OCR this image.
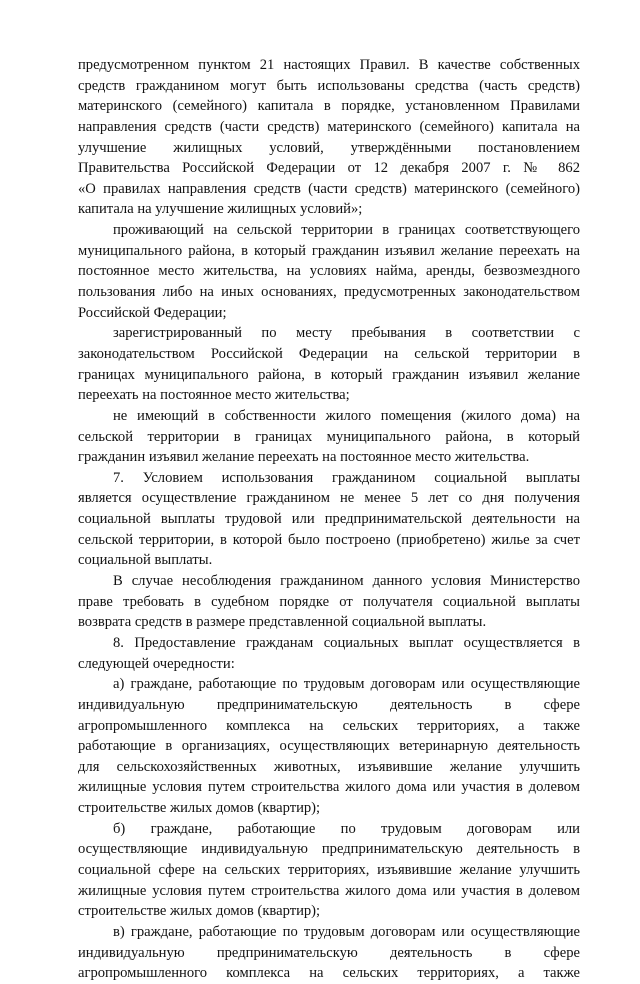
предусмотренном пунктом 21 настоящих Правил. В качестве собственных
средств гражданином могут быть использованы средства (часть средств)
материнского (семейного) капитала в порядке, установленном Правилами
направления средств (части средств) материнского (семейного) капитала на
улучшение жилищных условий, утверждёнными постановлением
Правительства Российской Федерации от 12 декабря 2007 г. № 862
«О правилах направления средств (части средств) материнского (семейного)
капитала на улучшение жилищных условий»;
проживающий на сельской территории в границах соответствующего
муниципального района, в который гражданин изъявил желание переехать на
постоянное место жительства, на условиях найма, аренды, безвозмездного
пользования либо на иных основаниях, предусмотренных законодательством
Российской Федерации;
зарегистрированный по месту пребывания в соответствии с
законодательством Российской Федерации на сельской территории в
границах муниципального района, в который гражданин изъявил желание
переехать на постоянное место жительства;
не имеющий в собственности жилого помещения (жилого дома) на
сельской территории в границах муниципального района, в который
гражданин изъявил желание переехать на постоянное место жительства.
7. Условием использования гражданином социальной выплаты
является осуществление гражданином не менее 5 лет со дня получения
социальной выплаты трудовой или предпринимательской деятельности на
сельской территории, в которой было построено (приобретено) жилье за счет
социальной выплаты.
В случае несоблюдения гражданином данного условия Министерство
праве требовать в судебном порядке от получателя социальной выплаты
возврата средств в размере представленной социальной выплаты.
8. Предоставление гражданам социальных выплат осуществляется в
следующей очередности:
а) граждане, работающие по трудовым договорам или осуществляющие
индивидуальную предпринимательскую деятельность в сфере
агропромышленного комплекса на сельских территориях, а также
работающие в организациях, осуществляющих ветеринарную деятельность
для сельскохозяйственных животных, изъявившие желание улучшить
жилищные условия путем строительства жилого дома или участия в долевом
строительстве жилых домов (квартир);
б) граждане, работающие по трудовым договорам или
осуществляющие индивидуальную предпринимательскую деятельность в
социальной сфере на сельских территориях, изъявившие желание улучшить
жилищные условия путем строительства жилого дома или участия в долевом
строительстве жилых домов (квартир);
в) граждане, работающие по трудовым договорам или осуществляющие
индивидуальную предпринимательскую деятельность в сфере
агропромышленного комплекса на сельских территориях, а также
